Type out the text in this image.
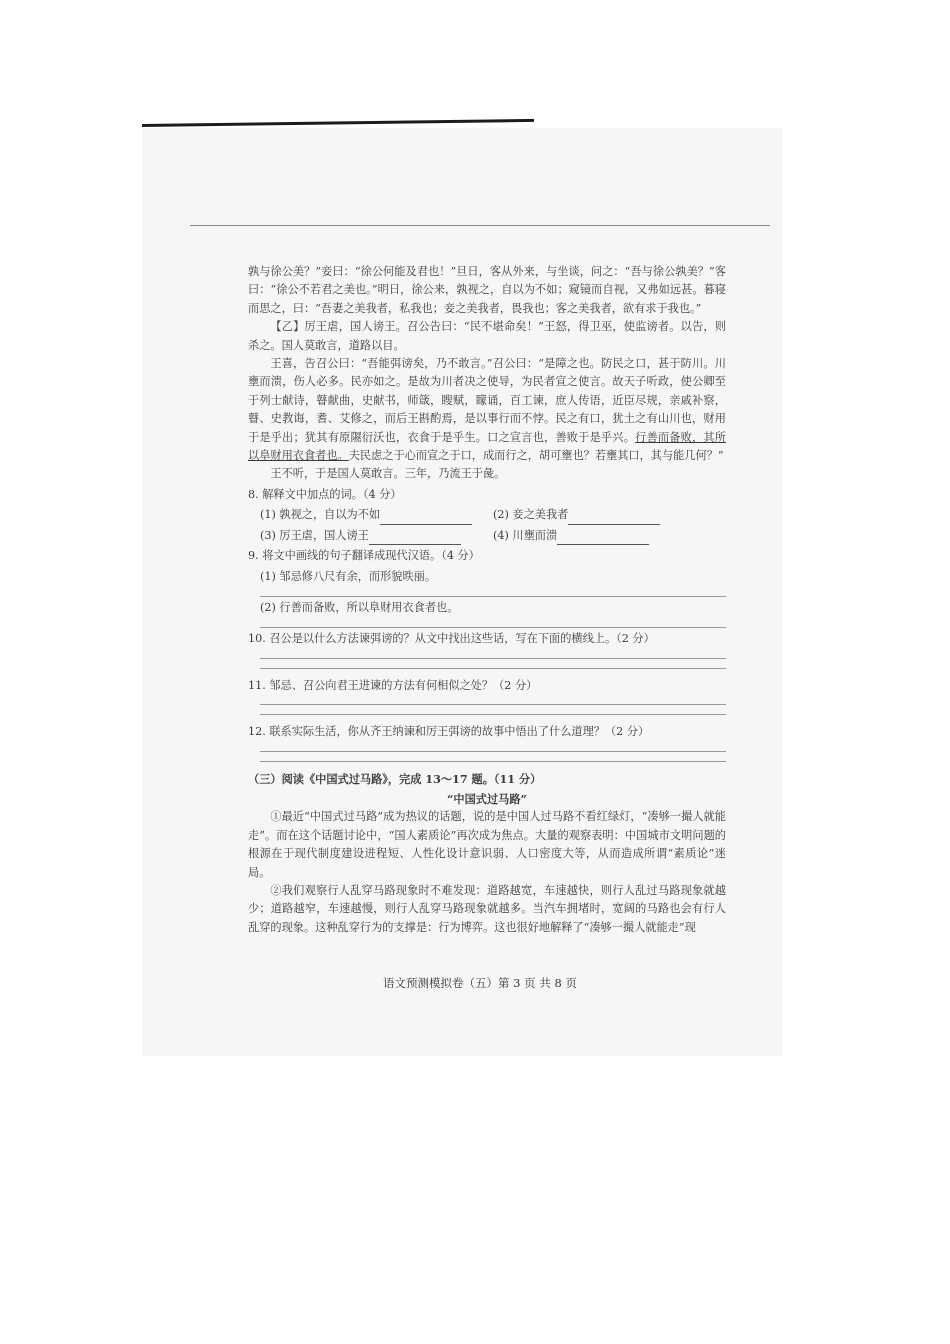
孰与徐公美？”妾曰：“徐公何能及君也！”旦日，客从外来，与坐谈，问之：“吾与徐公孰美？”客曰：“徐公不若君之美也。”明日，徐公来，孰视之，自以为不如；窥镜而自视，又弗如远甚。暮寝而思之，曰：“吾妻之美我者，私我也；妾之美我者，畏我也；客之美我者，欲有求于我也。”

【乙】厉王虐，国人谤王。召公告曰：“民不堪命矣！”王怒，得卫巫，使监谤者。以告，则杀之。国人莫敢言，道路以目。

王喜，告召公曰：“吾能弭谤矣，乃不敢言。”召公曰：“是障之也。防民之口，甚于防川。川壅而溃，伤人必多。民亦如之。是故为川者决之使导，为民者宣之使言。故天子听政，使公卿至于列士献诗，瞽献曲，史献书，师箴，瞍赋，矇诵，百工谏，庶人传语，近臣尽规，亲戚补察，瞽、史教诲，耆、艾修之，而后王斟酌焉，是以事行而不悖。民之有口，犹土之有山川也，财用于是乎出；犹其有原隰衍沃也，衣食于是乎生。口之宣言也，善败于是乎兴。行善而备败，其所以阜财用衣食者也。夫民虑之于心而宣之于口，成而行之，胡可壅也？若壅其口，其与能几何？”

王不听，于是国人莫敢言。三年，乃流王于彘。

8. 解释文中加点的词。（4 分）

(1) 孰视之，自以为不如	(2) 妾之美我者
(3) 厉王虐，国人谤王	(4) 川壅而溃

9. 将文中画线的句子翻译成现代汉语。（4 分）

(1) 邹忌修八尺有余，而形貌昳丽。

(2) 行善而备败，所以阜财用衣食者也。

10. 召公是以什么方法谏弭谤的？从文中找出这些话，写在下面的横线上。（2 分）

11. 邹忌、召公向君王进谏的方法有何相似之处？（2 分）

12. 联系实际生活，你从齐王纳谏和厉王弭谤的故事中悟出了什么道理？（2 分）

（三）阅读《中国式过马路》，完成 13～17 题。（11 分）

“中国式过马路”

①最近“中国式过马路”成为热议的话题，说的是中国人过马路不看红绿灯，“凑够一撮人就能走”。而在这个话题讨论中，“国人素质论”再次成为焦点。大量的观察表明：中国城市文明问题的根源在于现代制度建设进程短、人性化设计意识弱、人口密度大等，从而造成所谓“素质论”迷局。

②我们观察行人乱穿马路现象时不难发现：道路越宽，车速越快，则行人乱过马路现象就越少；道路越窄，车速越慢，则行人乱穿马路现象就越多。当汽车拥堵时，宽阔的马路也会有行人乱穿的现象。这种乱穿行为的支撑是：行为博弈。这也很好地解释了“凑够一撮人就能走”现

语文预测模拟卷（五）第 3 页 共 8 页
